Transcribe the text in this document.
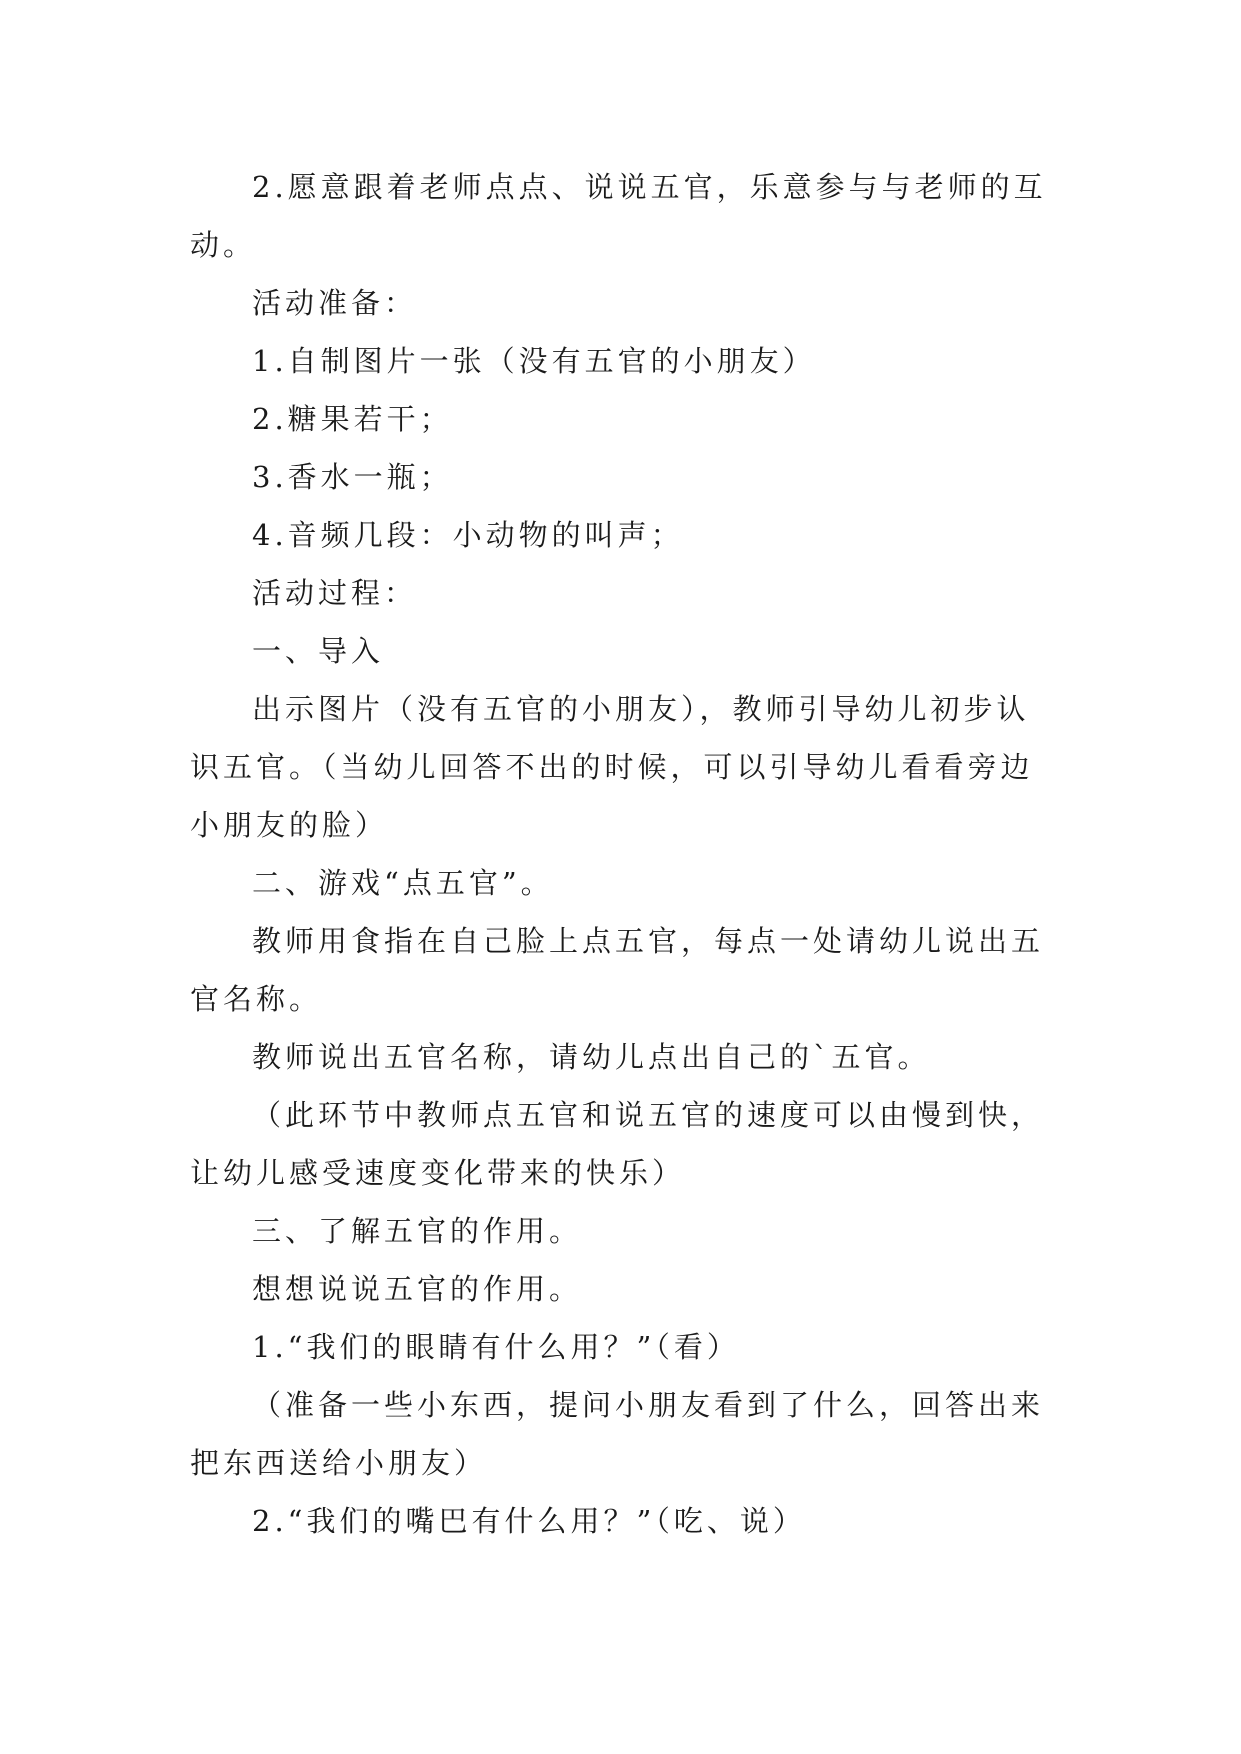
2.愿意跟着老师点点、说说五官，乐意参与与老师的互动。

活动准备：

1.自制图片一张（没有五官的小朋友）

2.糖果若干；

3.香水一瓶；

4.音频几段：小动物的叫声；

活动过程：

一、导入

出示图片（没有五官的小朋友），教师引导幼儿初步认识五官。（当幼儿回答不出的时候，可以引导幼儿看看旁边小朋友的脸）

二、游戏“点五官”。

教师用食指在自己脸上点五官，每点一处请幼儿说出五官名称。

教师说出五官名称，请幼儿点出自己的`五官。

（此环节中教师点五官和说五官的速度可以由慢到快，让幼儿感受速度变化带来的快乐）

三、了解五官的作用。

想想说说五官的作用。

1.“我们的眼睛有什么用？”（看）

（准备一些小东西，提问小朋友看到了什么，回答出来把东西送给小朋友）

2.“我们的嘴巴有什么用？”（吃、说）
